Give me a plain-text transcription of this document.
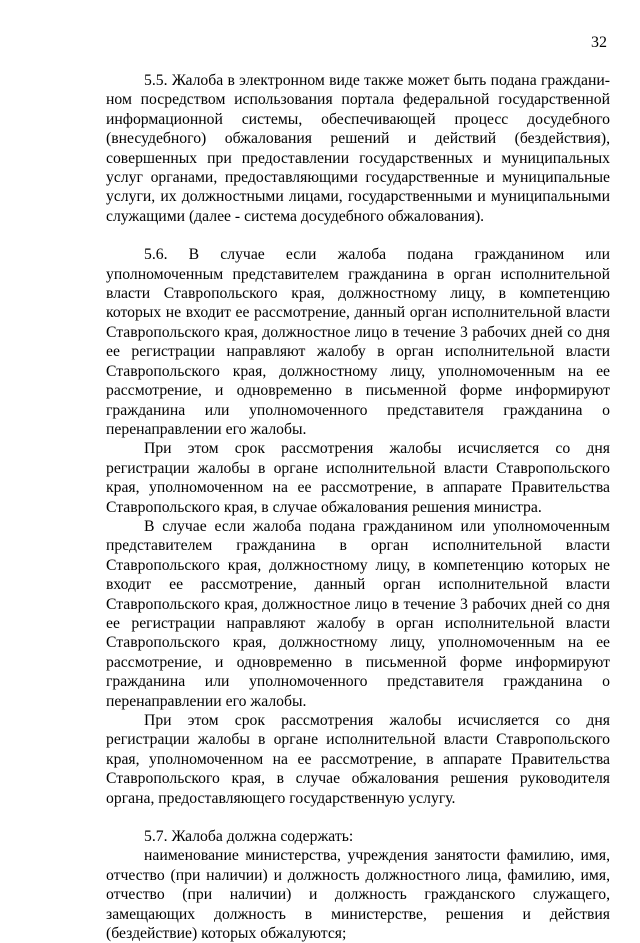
32

5.5. Жалоба в электронном виде также может быть подана гражданином посредством использования портала федеральной государственной информационной системы, обеспечивающей процесс досудебного (внесудебного) обжалования решений и действий (бездействия), совершенных при предоставлении государственных и муниципальных услуг органами, предоставляющими государственные и муниципальные услуги, их должностными лицами, государственными и муниципальными служащими (далее - система досудебного обжалования).

5.6. В случае если жалоба подана гражданином или уполномоченным представителем гражданина в орган исполнительной власти Ставропольского края, должностному лицу, в компетенцию которых не входит ее рассмотрение, данный орган исполнительной власти Ставропольского края, должностное лицо в течение 3 рабочих дней со дня ее регистрации направляют жалобу в орган исполнительной власти Ставропольского края, должностному лицу, уполномоченным на ее рассмотрение, и одновременно в письменной форме информируют гражданина или уполномоченного представителя гражданина о перенаправлении его жалобы.

При этом срок рассмотрения жалобы исчисляется со дня регистрации жалобы в органе исполнительной власти Ставропольского края, уполномоченном на ее рассмотрение, в аппарате Правительства Ставропольского края, в случае обжалования решения министра.

В случае если жалоба подана гражданином или уполномоченным представителем гражданина в орган исполнительной власти Ставропольского края, должностному лицу, в компетенцию которых не входит ее рассмотрение, данный орган исполнительной власти Ставропольского края, должностное лицо в течение 3 рабочих дней со дня ее регистрации направляют жалобу в орган исполнительной власти Ставропольского края, должностному лицу, уполномоченным на ее рассмотрение, и одновременно в письменной форме информируют гражданина или уполномоченного представителя гражданина о перенаправлении его жалобы.

При этом срок рассмотрения жалобы исчисляется со дня регистрации жалобы в органе исполнительной власти Ставропольского края, уполномоченном на ее рассмотрение, в аппарате Правительства Ставропольского края, в случае обжалования решения руководителя органа, предоставляющего государственную услугу.

5.7. Жалоба должна содержать:

наименование министерства, учреждения занятости фамилию, имя, отчество (при наличии) и должность должностного лица, фамилию, имя, отчество (при наличии) и должность гражданского служащего, замещающих должность в министерстве, решения и действия (бездействие) которых обжалуются;
